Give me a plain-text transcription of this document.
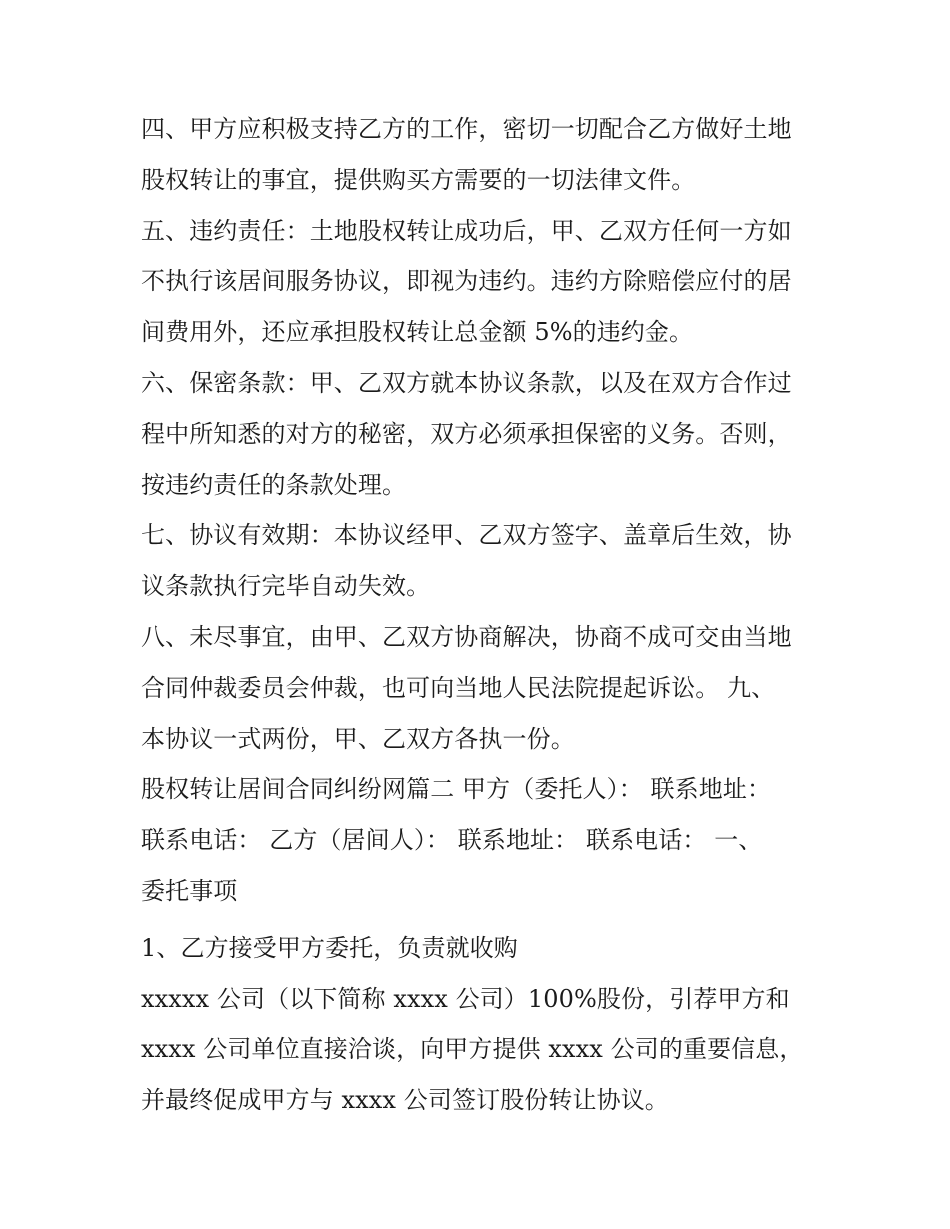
四、甲方应积极支持乙方的工作，密切一切配合乙方做好土地
股权转让的事宜，提供购买方需要的一切法律文件。
五、违约责任：土地股权转让成功后，甲、乙双方任何一方如
不执行该居间服务协议，即视为违约。违约方除赔偿应付的居
间费用外，还应承担股权转让总金额 5%的违约金。
六、保密条款：甲、乙双方就本协议条款，以及在双方合作过
程中所知悉的对方的秘密，双方必须承担保密的义务。否则，
按违约责任的条款处理。
七、协议有效期：本协议经甲、乙双方签字、盖章后生效，协
议条款执行完毕自动失效。
八、未尽事宜，由甲、乙双方协商解决，协商不成可交由当地
合同仲裁委员会仲裁，也可向当地人民法院提起诉讼。 九、
本协议一式两份，甲、乙双方各执一份。
股权转让居间合同纠纷网篇二 甲方（委托人）： 联系地址：
联系电话： 乙方（居间人）： 联系地址： 联系电话： 一、
委托事项
1、乙方接受甲方委托，负责就收购
xxxxx 公司（以下简称 xxxx 公司）100%股份，引荐甲方和
xxxx 公司单位直接洽谈，向甲方提供 xxxx 公司的重要信息，
并最终促成甲方与 xxxx 公司签订股份转让协议。
